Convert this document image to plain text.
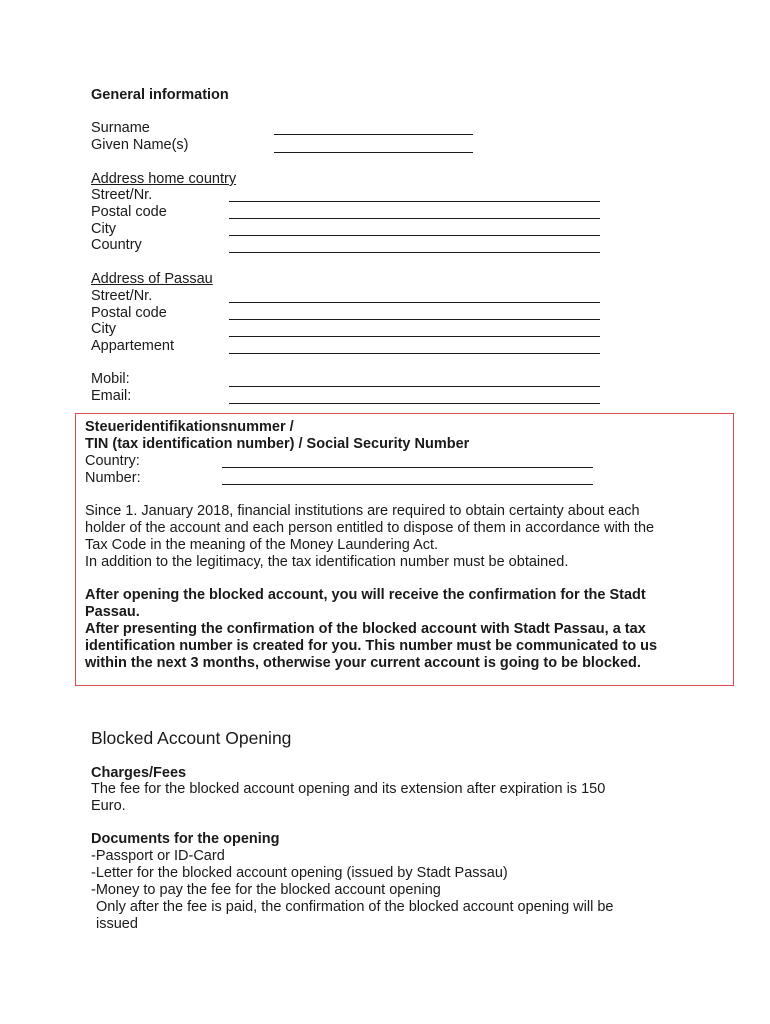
General information
Surname
Given Name(s)
Address home country
Street/Nr.
Postal code
City
Country
Address of Passau
Street/Nr.
Postal code
City
Appartement
Mobil:
Email:
Steueridentifikationsnummer /
TIN (tax identification number) / Social Security Number
Country:
Number:
Since 1. January 2018, financial institutions are required to obtain certainty about each
holder of the account and each person entitled to dispose of them in accordance with the
Tax Code in the meaning of the Money Laundering Act.
In addition to the legitimacy, the tax identification number must be obtained.
After opening the blocked account, you will receive the confirmation for the Stadt
Passau.
After presenting the confirmation of the blocked account with Stadt Passau, a tax
identification number is created for you. This number must be communicated to us
within the next 3 months, otherwise your current account is going to be blocked.
Blocked Account Opening
Charges/Fees
The fee for the blocked account opening and its extension after expiration is 150
Euro.
Documents for the opening
-Passport or ID-Card
-Letter for the blocked account opening (issued by Stadt Passau)
-Money to pay the fee for the blocked account opening
Only after the fee is paid, the confirmation of the blocked account opening will be
issued
